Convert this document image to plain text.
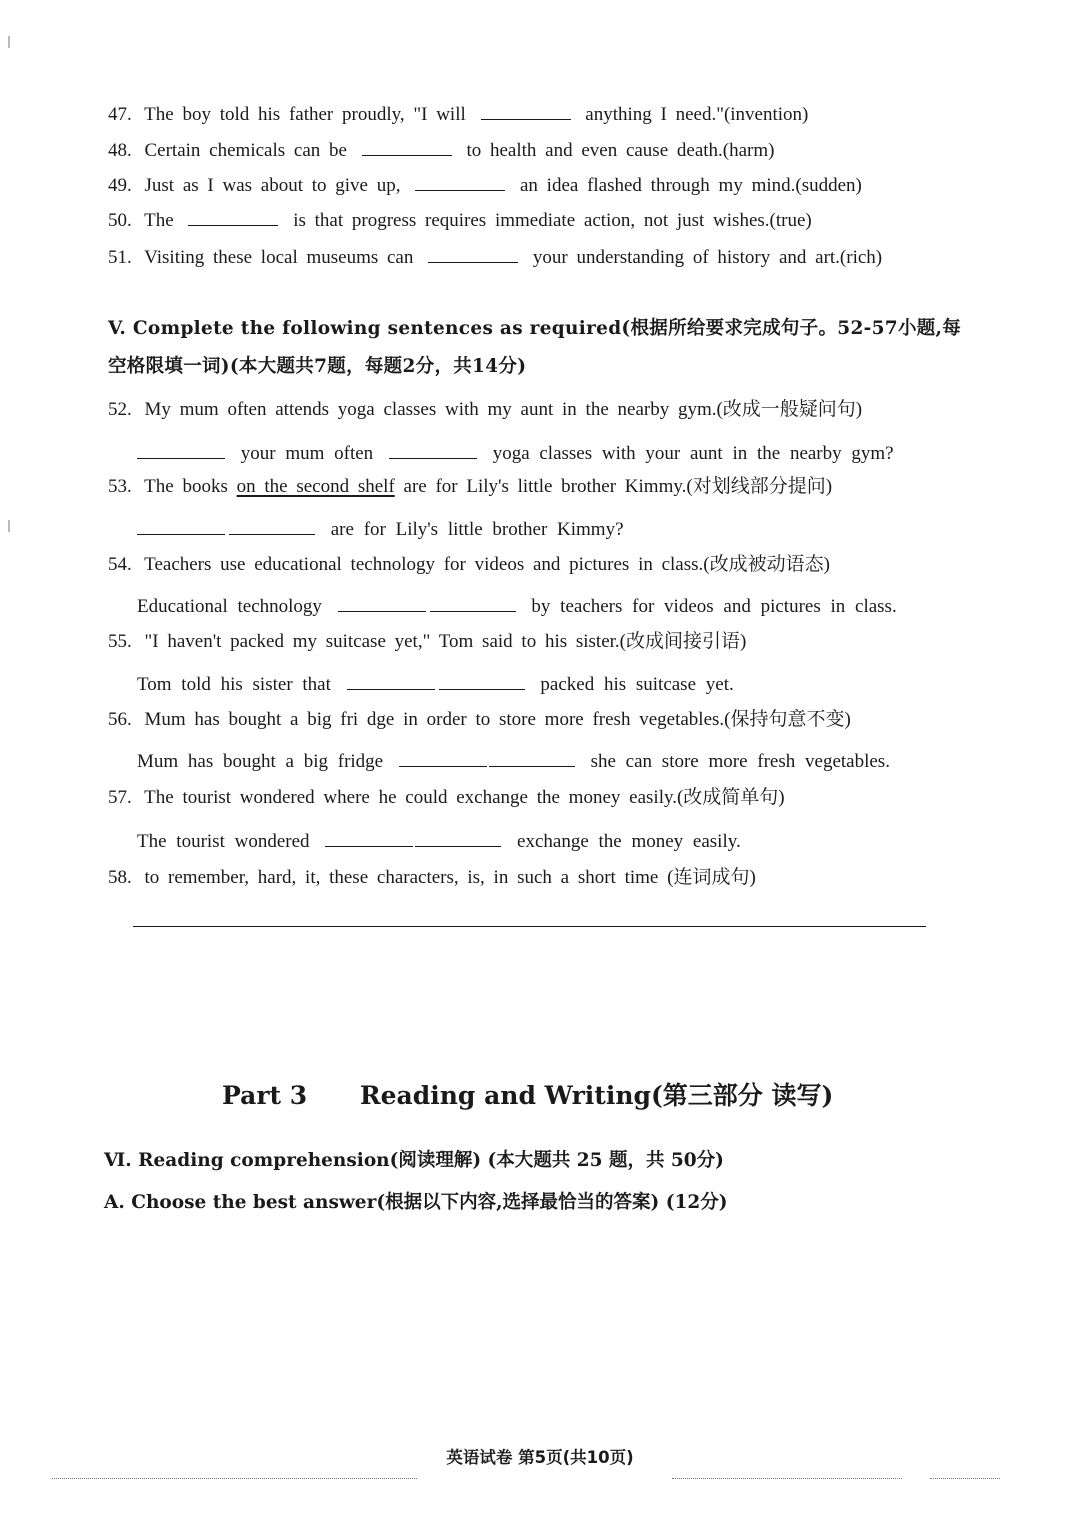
47. The boy told his father proudly, "I will	anything I need."(invention)
48. Certain chemicals can be	to health and even cause death.(harm)
49. Just as I was about to give up,	an idea flashed through my mind.(sudden)
50. The	is that progress requires immediate action, not just wishes.(true)
51. Visiting these local museums can	your understanding of history and art.(rich)
V. Complete the following sentences as required(根据所给要求完成句子。52-57小题,每空格限填一词)(本大题共7题，每题2分，共14分)
52. My mum often attends yoga classes with my aunt in the nearby gym.(改成一般疑问句)
your mum often	yoga classes with your aunt in the nearby gym?
53. The books on the second shelf are for Lily's little brother Kimmy.(对划线部分提问)
are for Lily's little brother Kimmy?
54. Teachers use educational technology for videos and pictures in class.(改成被动语态)
Educational technology	by teachers for videos and pictures in class.
55. "I haven't packed my suitcase yet," Tom said to his sister.(改成间接引语)
Tom told his sister that	packed his suitcase yet.
56. Mum has bought a big fri dge in order to store more fresh vegetables.(保持句意不变)
Mum has bought a big fridge	she can store more fresh vegetables.
57. The tourist wondered where he could exchange the money easily.(改成简单句)
The tourist wondered	exchange the money easily.
58. to remember, hard, it, these characters, is, in such a short time (连词成句)
Part 3 Reading and Writing(第三部分 读写)
Ⅵ. Reading comprehension(阅读理解) (本大题共 25 题，共 50分)
A. Choose the best answer(根据以下内容,选择最恰当的答案) (12分)
英语试卷 第5页(共10页)
